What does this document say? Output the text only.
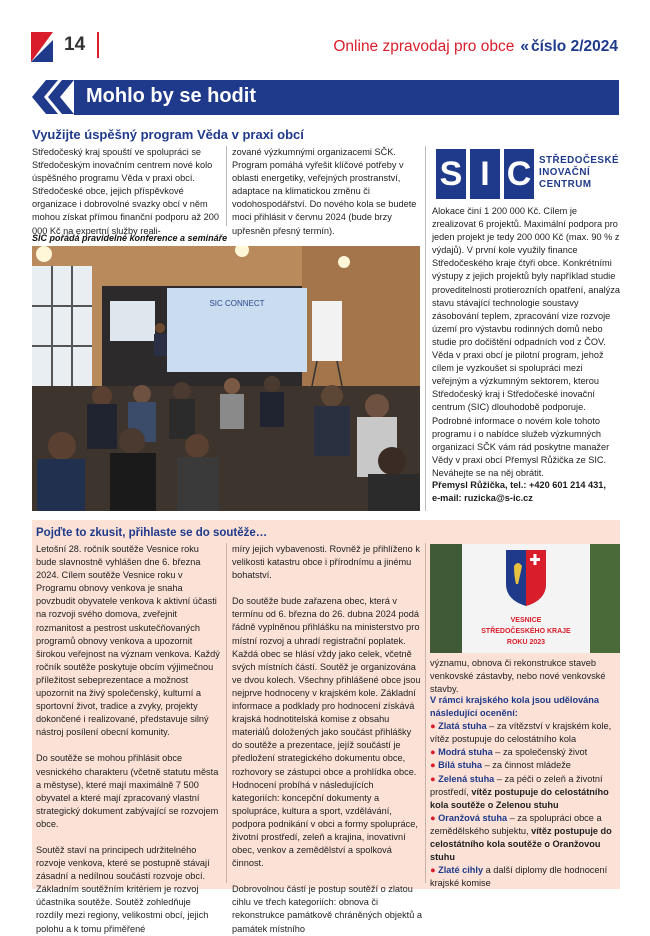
14	Online zpravodaj pro obce « číslo 2/2024
Mohlo by se hodit
Využijte úspěšný program Věda v praxi obcí

Středočeský kraj spouští ve spolupráci se Středočeským inovačním centrem nové kolo úspěšného programu Věda v praxi obcí. Středočeské obce, jejich příspěvkové organizace i dobrovolné svazky obcí v něm mohou získat přímou finanční podporu až 200 000 Kč na expertní služby reali-

zované výzkumnými organizacemi SČK. Program pomáhá vyřešit klíčové potřeby v oblasti energetiky, veřejných prostranství, adaptace na klimatickou změnu či vodohospodářství. Do nového kola se budete moci přihlásit v červnu 2024 (bude brzy upřesněn přesný termín).

SIC pořádá pravidelné konference a semináře
SIC CONNECT
S I C STŘEDOČESKÉ
INOVAČNÍ
CENTRUM

Alokace činí 1 200 000 Kč. Cílem je zrealizovat 6 projektů. Maximální podpora pro jeden projekt je tedy 200 000 Kč (max. 90 % z výdajů). V první kole využily finance Středočeského kraje čtyři obce. Konkrétními výstupy z jejich projektů byly například studie proveditelnosti protierozních opatření, analýza stavu stávající technologie soustavy zásobování teplem, zpracování vize rozvoje území pro výstavbu rodinných domů nebo studie pro dočištění odpadních vod z ČOV.

Věda v praxi obcí je pilotní program, jehož cílem je vyzkoušet si spolupráci mezi veřejným a výzkumným sektorem, kterou Středočeský kraj i Středočeské inovační centrum (SIC) dlouhodobě podporuje. Podrobné informace o novém kole tohoto programu i o nabídce služeb výzkumných organizací SČK vám rád poskytne manažer Vědy v praxi obcí Přemysl Růžička ze SIC. Neváhejte se na něj obrátit.

Přemysl Růžička, tel.: +420 601 214 431,
e-mail: ruzicka@s-ic.cz
Pojďte to zkusit, přihlaste se do soutěže…

Letošní 28. ročník soutěže Vesnice roku bude slavnostně vyhlášen dne 6. března 2024. Cílem soutěže Vesnice roku v Programu obnovy venkova je snaha povzbudit obyvatele venkova k aktivní účasti na rozvoji svého domova, zveřejnit rozmanitost a pestrost uskutečňovaných programů obnovy venkova a upozornit širokou veřejnost na význam venkova. Každý ročník soutěže poskytuje obcím výjimečnou příležitost sebeprezentace a možnost upozornit na živý společenský, kulturní a sportovní život, tradice a zvyky, projekty dokončené i realizované, představuje silný nástroj posílení obecní komunity.

Do soutěže se mohou přihlásit obce vesnického charakteru (včetně statutu města a městyse), které mají maximálně 7 500 obyvatel a které mají zpracovaný vlastní strategický dokument zabývající se rozvojem obce.

Soutěž staví na principech udržitelného rozvoje venkova, které se postupně stávají zásadní a nedílnou součástí rozvoje obcí. Základním soutěžním kritériem je rozvoj účastníka soutěže. Soutěž zohledňuje rozdíly mezi regiony, velikostmi obcí, jejich polohu a k tomu přiměřené

míry jejich vybavenosti. Rovněž je přihlíženo k velikosti katastru obce i přírodnímu a jinému bohatství.

Do soutěže bude zařazena obec, která v termínu od 6. března do 26. dubna 2024 podá řádně vyplněnou přihlášku na ministerstvo pro místní rozvoj a uhradí registrační poplatek. Každá obec se hlásí vždy jako celek, včetně svých místních částí. Soutěž je organizována ve dvou kolech. Všechny přihlášené obce jsou nejprve hodnoceny v krajském kole. Základní informace a podklady pro hodnocení získává krajská hodnotitelská komise z obsahu materiálů doložených jako součást přihlášky do soutěže a prezentace, jejíž součástí je předložení strategického dokumentu obce, rozhovory se zástupci obce a prohlídka obce. Hodnocení probíhá v následujících kategoriích: koncepční dokumenty a spolupráce, kultura a sport, vzdělávání, podpora podnikání v obci a formy spolupráce, životní prostředí, zeleň a krajina, inovativní obec, venkov a zemědělství a spolková činnost.

Dobrovolnou částí je postup soutěží o zlatou cihlu ve třech kategoriích: obnova či rekonstrukce památkově chráněných objektů a památek místního

VESNICE
STŘEDOČESKÉHO KRAJE
ROKU 2023

významu, obnova či rekonstrukce staveb venkovské zástavby, nebo nové venkovské stavby.

V rámci krajského kola jsou udělována následující ocenění:
● Zlatá stuha – za vítězství v krajském kole, vítěz postupuje do celostátního kola
● Modrá stuha – za společenský život
● Bílá stuha – za činnost mládeže
● Zelená stuha – za péči o zeleň a životní prostředí, vítěz postupuje do celostátního kola soutěže o Zelenou stuhu
● Oranžová stuha – za spolupráci obce a zemědělského subjektu, vítěz postupuje do celostátního kola soutěže o Oranžovou stuhu
● Zlaté cihly a další diplomy dle hodnocení krajské komise
